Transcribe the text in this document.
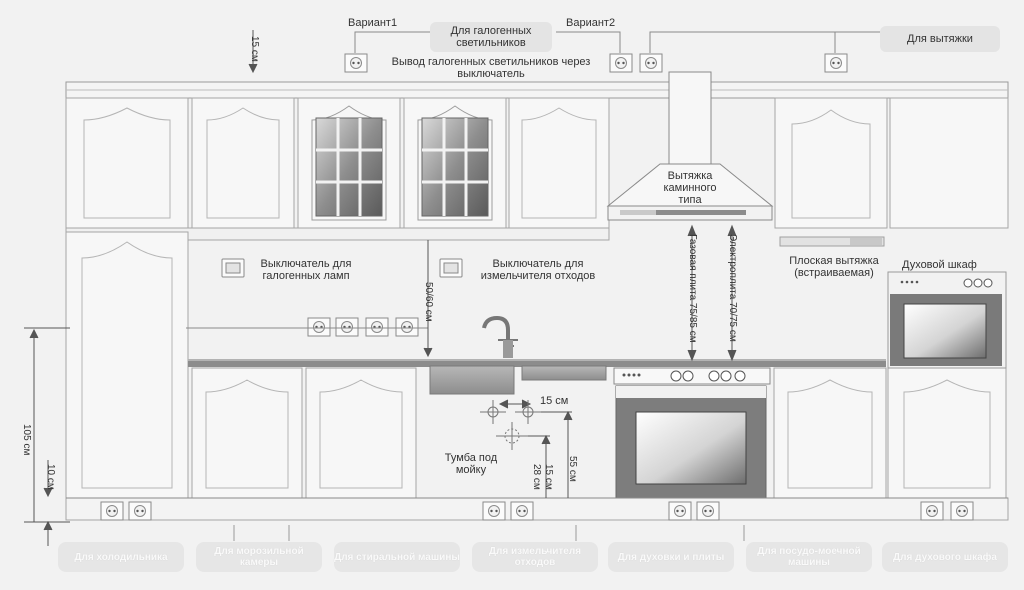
Вариант1	Вариант2
Для галогенных светильников	Для вытяжки
Вывод галогенных светильников через выключатель
Вытяжка каминного типа
Выключатель для галогенных ламп
Выключатель для измельчителя отходов
Плоская вытяжка (встраиваемая)
Духовой шкаф
Тумба под мойку
Газовая плита 75/85 см	Электроплита 70/75 см
15 см
50/60 см
105 см
10 см
15 см
28 см 15 см 55 см
Для холодильника	Для морозильной камеры	Для стиральной машины	Для измельчителя отходов	Для духовки и плиты	Для посудо-моечной машины	Для духового шкафа
